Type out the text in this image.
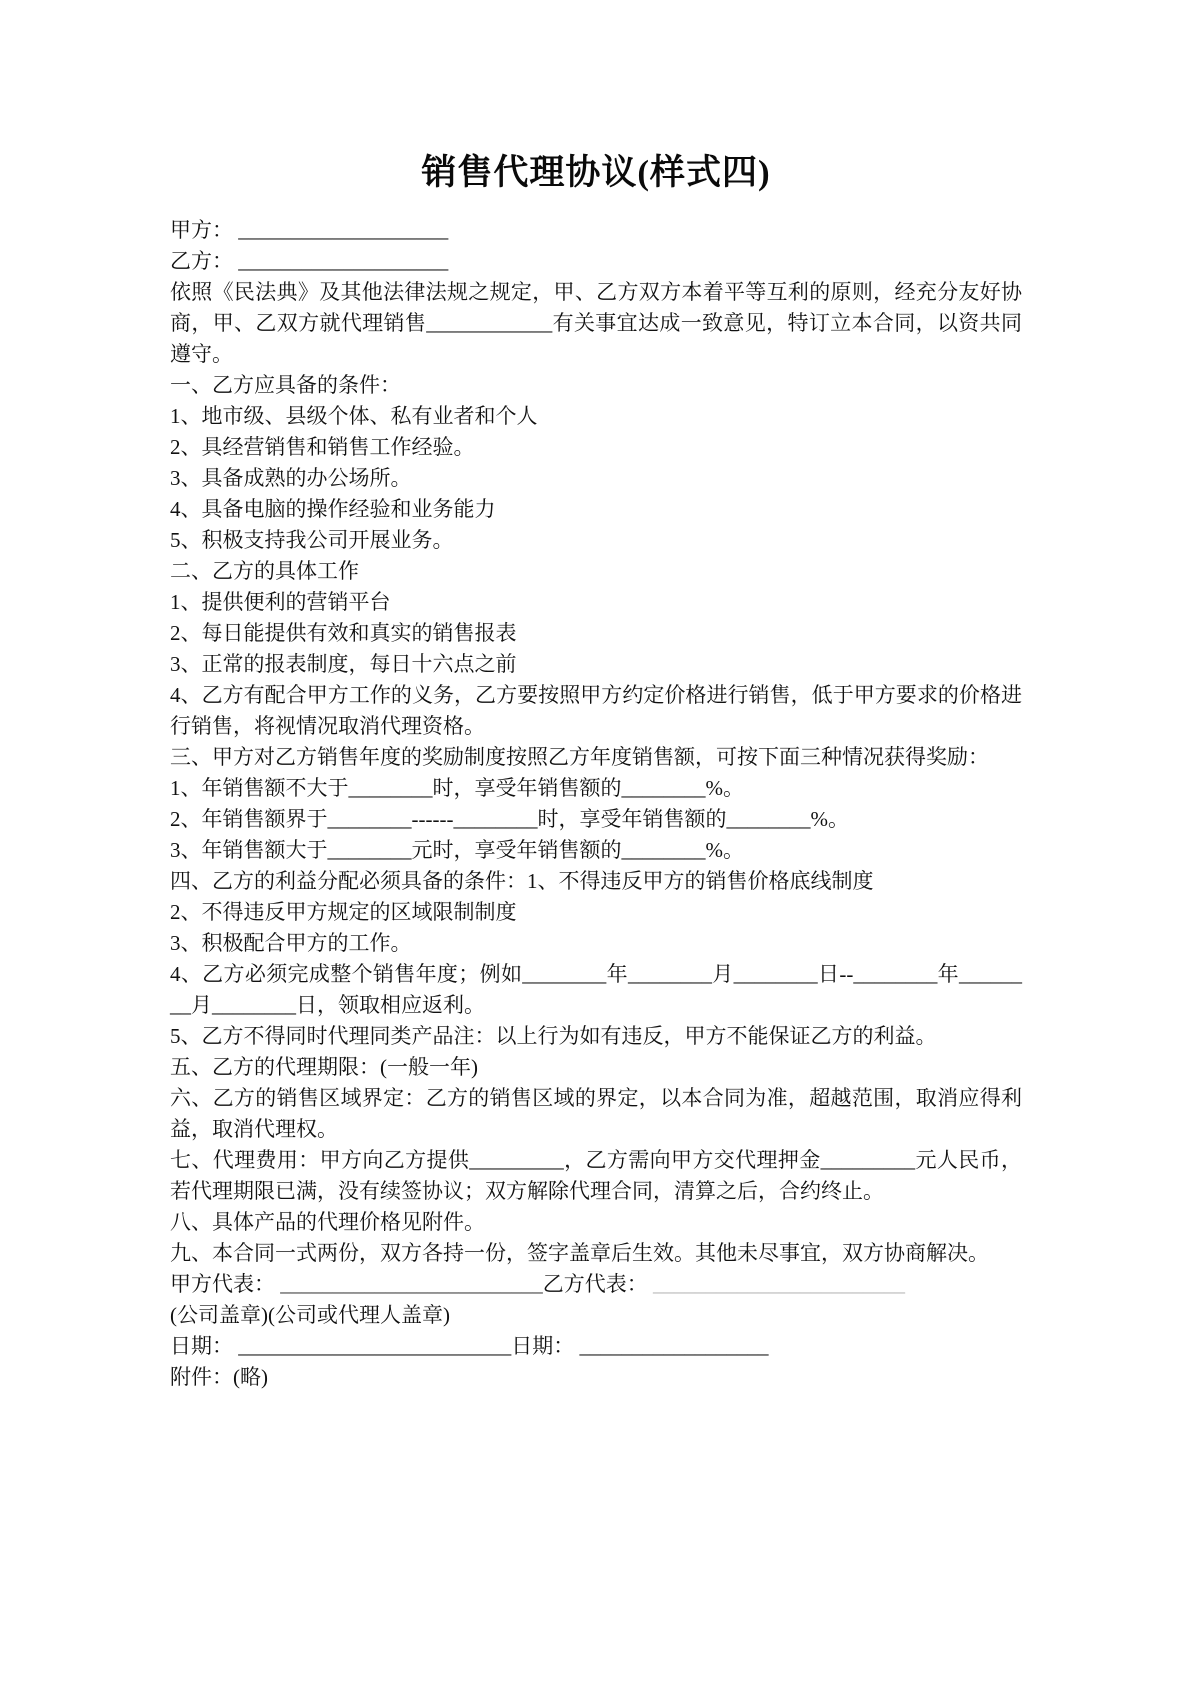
销售代理协议(样式四)

甲方： ____________________

乙方： ____________________

依照《民法典》及其他法律法规之规定，甲、乙方双方本着平等互利的原则，经充分友好协商，甲、乙双方就代理销售____________有关事宜达成一致意见，特订立本合同，以资共同遵守。

一、乙方应具备的条件：

1、地市级、县级个体、私有业者和个人

2、具经营销售和销售工作经验。

3、具备成熟的办公场所。

4、具备电脑的操作经验和业务能力

5、积极支持我公司开展业务。

二、乙方的具体工作

1、提供便利的营销平台

2、每日能提供有效和真实的销售报表

3、正常的报表制度，每日十六点之前

4、乙方有配合甲方工作的义务，乙方要按照甲方约定价格进行销售，低于甲方要求的价格进行销售，将视情况取消代理资格。

三、甲方对乙方销售年度的奖励制度按照乙方年度销售额，可按下面三种情况获得奖励：

1、年销售额不大于________时，享受年销售额的________%。

2、年销售额界于________------________时，享受年销售额的________%。

3、年销售额大于________元时，享受年销售额的________%。

四、乙方的利益分配必须具备的条件：1、不得违反甲方的销售价格底线制度

2、不得违反甲方规定的区域限制制度

3、积极配合甲方的工作。

4、乙方必须完成整个销售年度；例如________年________月________日--________年________月________日，领取相应返利。

5、乙方不得同时代理同类产品注：以上行为如有违反，甲方不能保证乙方的利益。

五、乙方的代理期限：(一般一年)

六、乙方的销售区域界定：乙方的销售区域的界定，以本合同为准，超越范围，取消应得利益，取消代理权。

七、代理费用：甲方向乙方提供_________，乙方需向甲方交代理押金_________元人民币，若代理期限已满，没有续签协议；双方解除代理合同，清算之后，合约终止。

八、具体产品的代理价格见附件。

九、本合同一式两份，双方各持一份，签字盖章后生效。其他未尽事宜，双方协商解决。

甲方代表： _________________________乙方代表： ________________________

(公司盖章)(公司或代理人盖章)

日期： __________________________日期： __________________

附件：(略)
